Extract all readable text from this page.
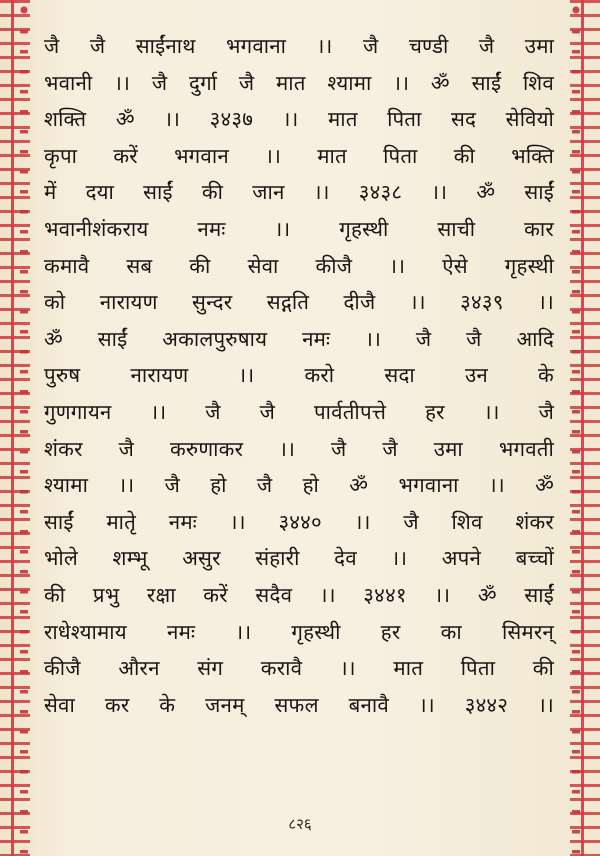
जै जै साईंनाथ भगवाना ।। जै चण्डी जै उमा
भवानी ।। जै दुर्गा जै मात श्यामा ।। ॐ साईं शिव
शक्ति ॐ ।। ३४३७ ।। मात पिता सद सेवियो
कृपा करें भगवान ।। मात पिता की भक्ति
में दया साईं की जान ।। ३४३८ ।। ॐ साईं
भवानीशंकराय नमः ।। गृहस्थी साची कार
कमावै सब की सेवा कीजै ।। ऐसे गृहस्थी
को नारायण सुन्दर सद्गति दीजै ।। ३४३९ ।।
ॐ साईं अकालपुरुषाय नमः ।। जै जै आदि
पुरुष नारायण ।। करो सदा उन के
गुणगायन ।। जै जै पार्वतीपत्ते हर ।। जै
शंकर जै करुणाकर ।। जै जै उमा भगवती
श्यामा ।। जै हो जै हो ॐ भगवाना ।। ॐ
साईं मातृे नमः ।। ३४४० ।। जै शिव शंकर
भोले शम्भू असुर संहारी देव ।। अपने बच्चों
की प्रभु रक्षा करें सदैव ।। ३४४१ ।। ॐ साईं
राधेश्यामाय नमः ।। गृहस्थी हर का सिमरन्
कीजै औरन संग करावै ।। मात पिता की
सेवा कर के जनम् सफल बनावै ।। ३४४२ ।।
८२६
